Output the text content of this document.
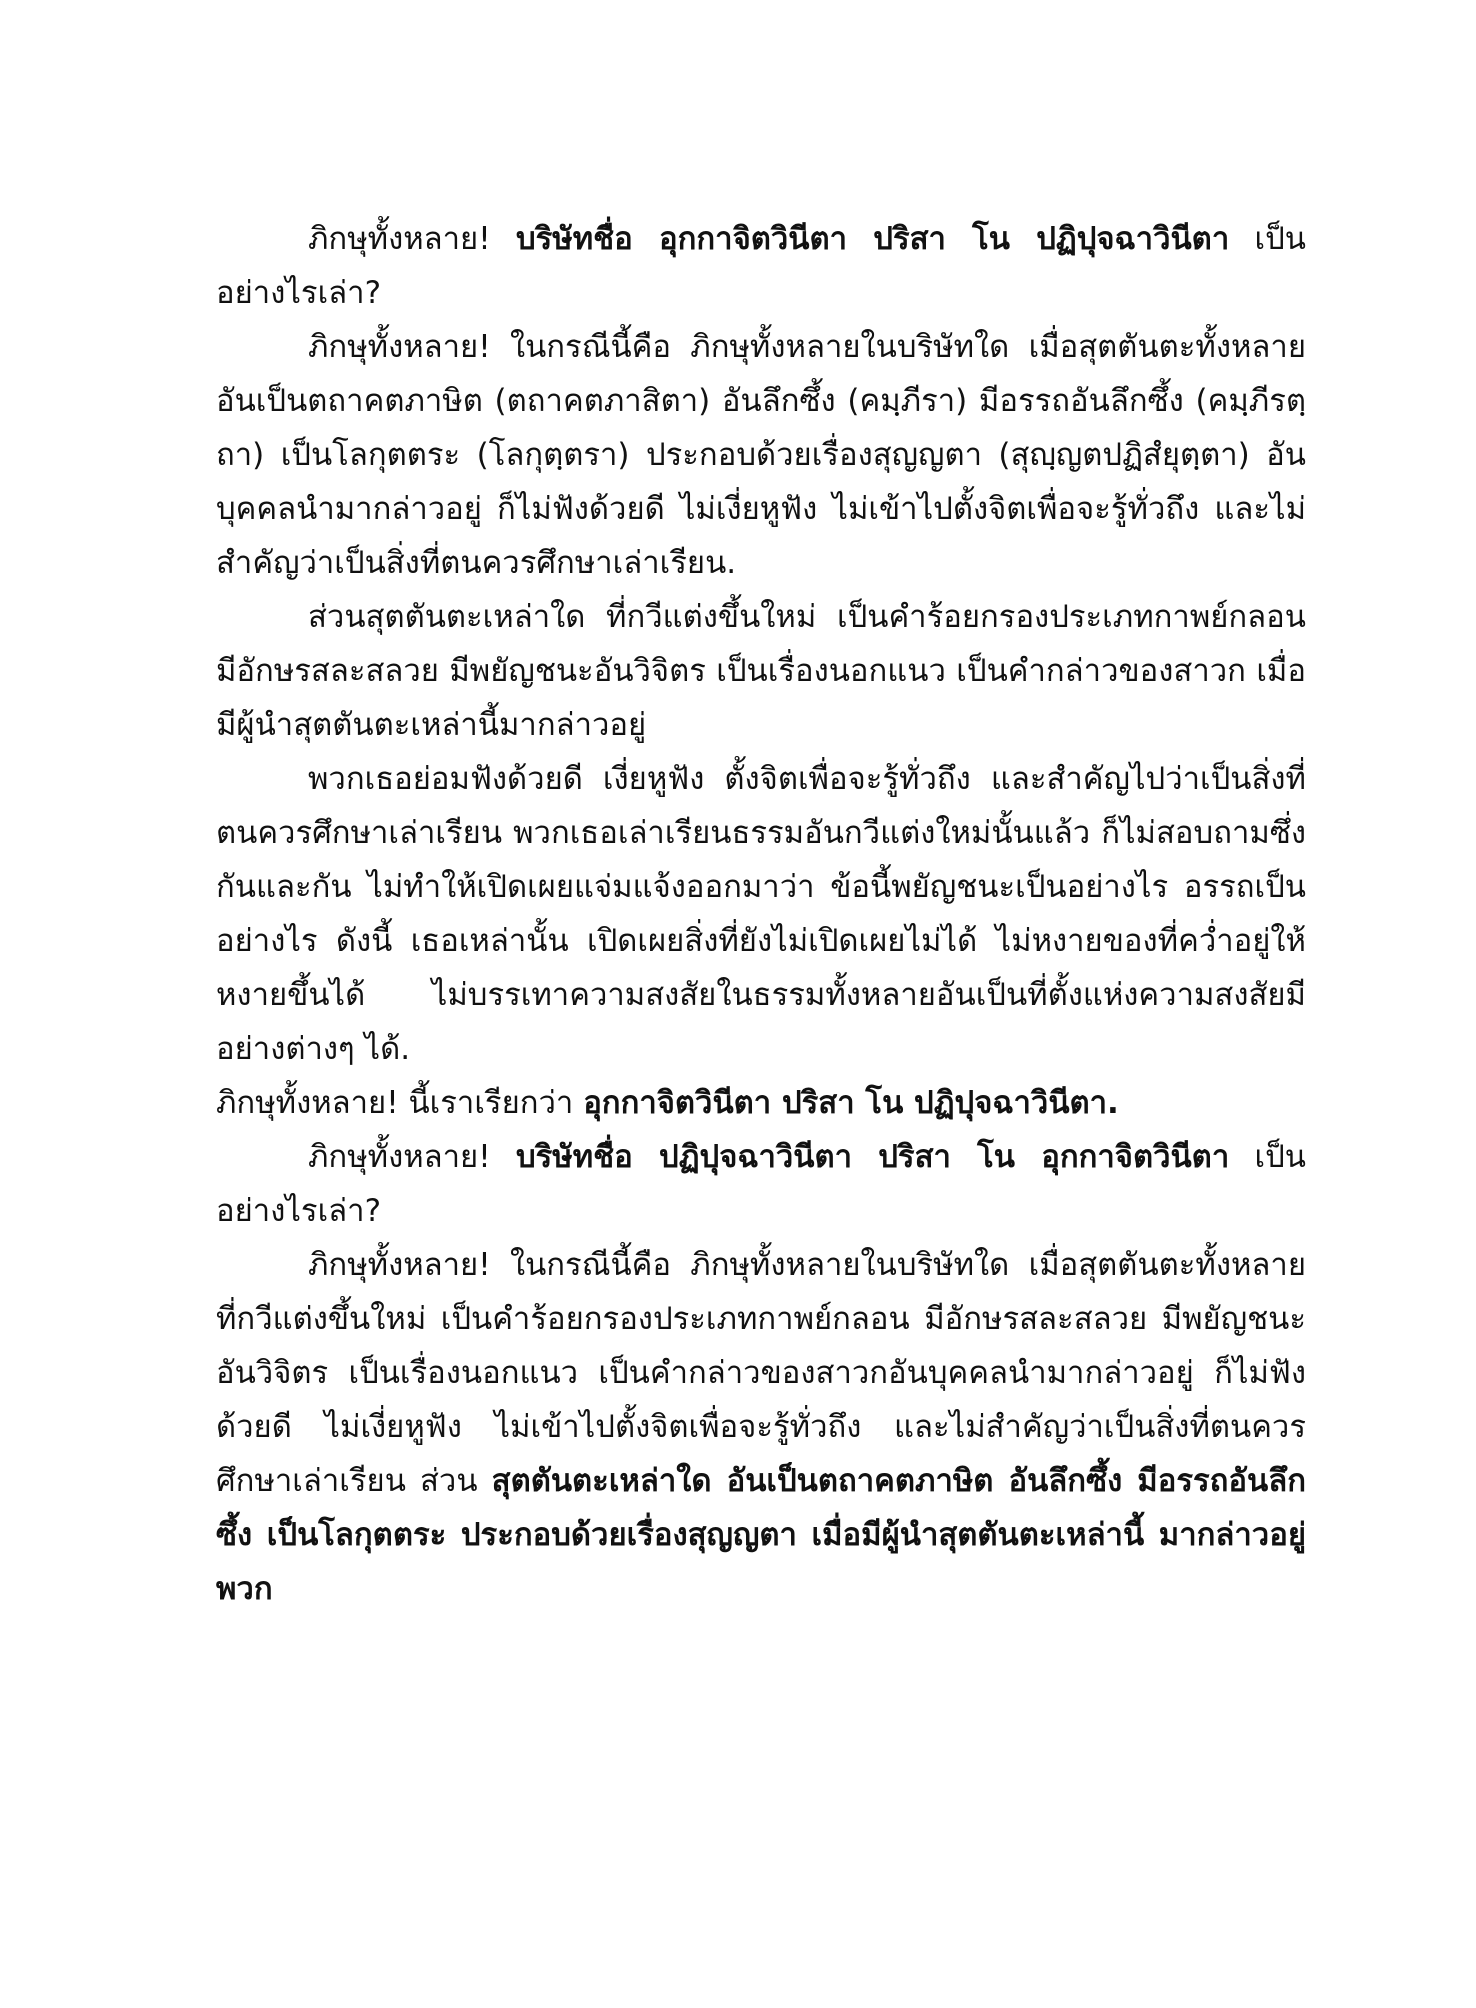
ภิกษุทั้งหลาย! บริษัทชื่อ อุกกาจิตวินีตา ปริสา โน ปฏิปุจฉาวินีตา เป็นอย่างไรเล่า?

ภิกษุทั้งหลาย! ในกรณีนี้คือ ภิกษุทั้งหลายในบริษัทใด เมื่อสุตตันตะทั้งหลาย อันเป็นตถาคตภาษิต (ตถาคตภาสิตา) อันลึกซึ้ง (คมฺภีรา) มีอรรถอันลึกซึ้ง (คมฺภีรตฺถา) เป็นโลกุตตระ (โลกุตฺตรา) ประกอบด้วยเรื่องสุญญตา (สุญฺญตปฏิสํยุตฺตา) อันบุคคลนำมากล่าวอยู่ ก็ไม่ฟังด้วยดี ไม่เงี่ยหูฟัง ไม่เข้าไปตั้งจิตเพื่อจะรู้ทั่วถึง และไม่สำคัญว่าเป็นสิ่งที่ตนควรศึกษาเล่าเรียน.

ส่วนสุตตันตะเหล่าใด ที่กวีแต่งขึ้นใหม่ เป็นคำร้อยกรองประเภทกาพย์กลอน มีอักษรสละสลวย มีพยัญชนะอันวิจิตร เป็นเรื่องนอกแนว เป็นคำกล่าวของสาวก เมื่อมีผู้นำสุตตันตะเหล่านี้มากล่าวอยู่

พวกเธอย่อมฟังด้วยดี เงี่ยหูฟัง ตั้งจิตเพื่อจะรู้ทั่วถึง และสำคัญไปว่าเป็นสิ่งที่ตนควรศึกษาเล่าเรียน พวกเธอเล่าเรียนธรรมอันกวีแต่งใหม่นั้นแล้ว ก็ไม่สอบถามซึ่งกันและกัน ไม่ทำให้เปิดเผยแจ่มแจ้งออกมาว่า ข้อนี้พยัญชนะเป็นอย่างไร อรรถเป็นอย่างไร ดังนี้ เธอเหล่านั้น เปิดเผยสิ่งที่ยังไม่เปิดเผยไม่ได้ ไม่หงายของที่คว่ำอยู่ให้หงายขึ้นได้ ไม่บรรเทาความสงสัยในธรรมทั้งหลายอันเป็นที่ตั้งแห่งความสงสัยมีอย่างต่างๆ ได้.

ภิกษุทั้งหลาย! นี้เราเรียกว่า อุกกาจิตวินีตา ปริสา โน ปฏิปุจฉาวินีตา.

ภิกษุทั้งหลาย! บริษัทชื่อ ปฏิปุจฉาวินีตา ปริสา โน อุกกาจิตวินีตา เป็นอย่างไรเล่า?

ภิกษุทั้งหลาย! ในกรณีนี้คือ ภิกษุทั้งหลายในบริษัทใด เมื่อสุตตันตะทั้งหลาย ที่กวีแต่งขึ้นใหม่ เป็นคำร้อยกรองประเภทกาพย์กลอน มีอักษรสละสลวย มีพยัญชนะอันวิจิตร เป็นเรื่องนอกแนว เป็นคำกล่าวของสาวกอันบุคคลนำมากล่าวอยู่ ก็ไม่ฟังด้วยดี ไม่เงี่ยหูฟัง ไม่เข้าไปตั้งจิตเพื่อจะรู้ทั่วถึง และไม่สำคัญว่าเป็นสิ่งที่ตนควรศึกษาเล่าเรียน ส่วน สุตตันตะเหล่าใด อันเป็นตถาคตภาษิต อันลึกซึ้ง มีอรรถอันลึกซึ้ง เป็นโลกุตตระ ประกอบด้วยเรื่องสุญญตา เมื่อมีผู้นำสุตตันตะเหล่านี้ มากล่าวอยู่ พวก
